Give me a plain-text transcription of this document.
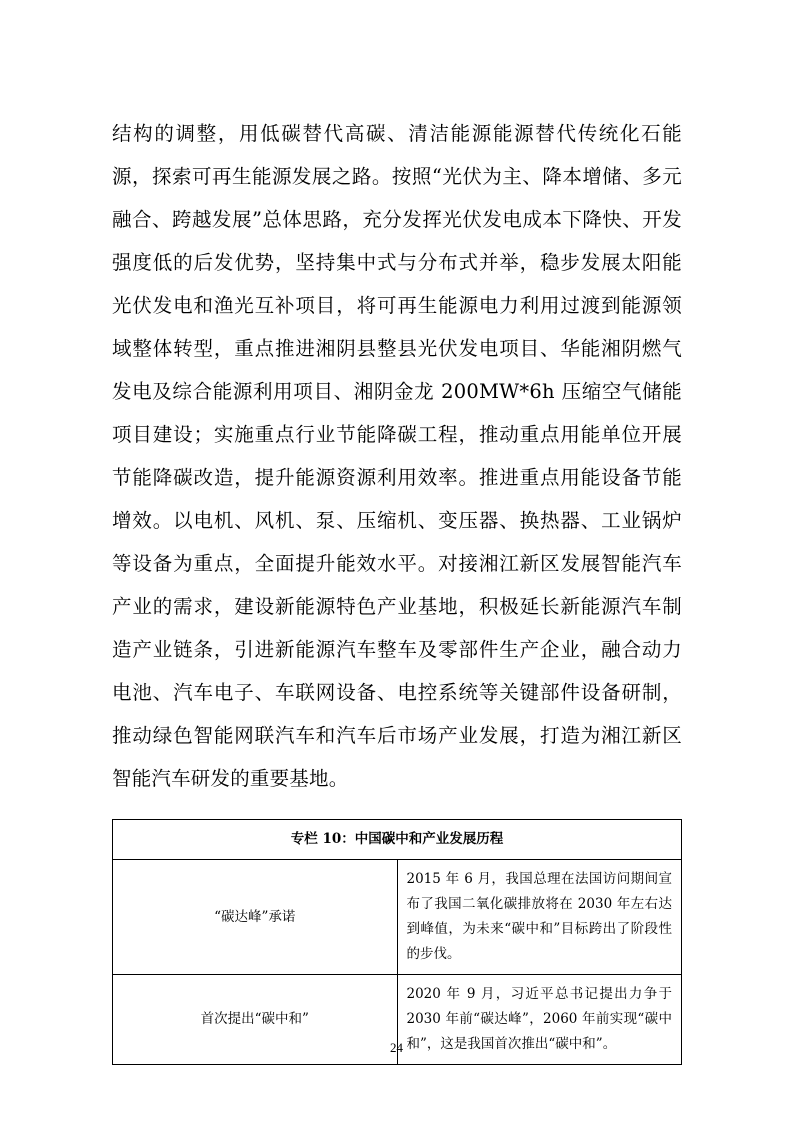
结构的调整，用低碳替代高碳、清洁能源能源替代传统化石能源，探索可再生能源发展之路。按照“光伏为主、降本增储、多元融合、跨越发展”总体思路，充分发挥光伏发电成本下降快、开发强度低的后发优势，坚持集中式与分布式并举，稳步发展太阳能光伏发电和渔光互补项目，将可再生能源电力利用过渡到能源领域整体转型，重点推进湘阴县整县光伏发电项目、华能湘阴燃气发电及综合能源利用项目、湘阴金龙 200MW*6h 压缩空气储能项目建设；实施重点行业节能降碳工程，推动重点用能单位开展节能降碳改造，提升能源资源利用效率。推进重点用能设备节能增效。以电机、风机、泵、压缩机、变压器、换热器、工业锅炉等设备为重点，全面提升能效水平。对接湘江新区发展智能汽车产业的需求，建设新能源特色产业基地，积极延长新能源汽车制造产业链条，引进新能源汽车整车及零部件生产企业，融合动力电池、汽车电子、车联网设备、电控系统等关键部件设备研制，推动绿色智能网联汽车和汽车后市场产业发展，打造为湘江新区智能汽车研发的重要基地。

专栏 10：中国碳中和产业发展历程	
“碳达峰”承诺	2015 年 6 月，我国总理在法国访问期间宣布了我国二氧化碳排放将在 2030 年左右达到峰值，为未来“碳中和”目标跨出了阶段性的步伐。
首次提出“碳中和”	2020 年 9 月，习近平总书记提出力争于 2030 年前“碳达峰”，2060 年前实现“碳中和”，这是我国首次推出“碳中和”。
24
